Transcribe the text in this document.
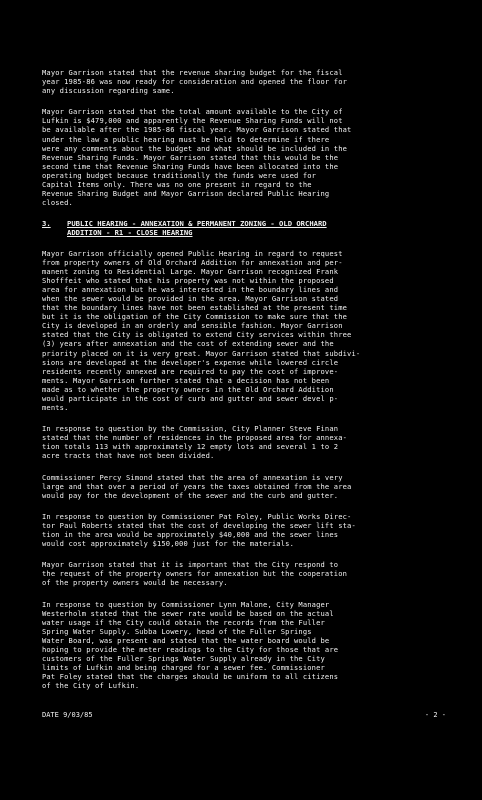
Mayor Garrison stated that the revenue sharing budget for the fiscal
year 1985-86 was now ready for consideration and opened the floor for
any discussion regarding same.
Mayor Garrison stated that the total amount available to the City of
Lufkin is $479,000 and apparently the Revenue Sharing Funds will not
be available after the 1985-86 fiscal year. Mayor Garrison stated that
under the law a public hearing must be held to determine if there
were any comments about the budget and what should be included in the
Revenue Sharing Funds. Mayor Garrison stated that this would be the
second time that Revenue Sharing Funds have been allocated into the
operating budget because traditionally the funds were used for
Capital Items only. There was no one present in regard to the
Revenue Sharing Budget and Mayor Garrison declared Public Hearing
closed.
3.	PUBLIC HEARING - ANNEXATION & PERMANENT ZONING - OLD ORCHARD
ADDITION - R1 - CLOSE HEARING
Mayor Garrison officially opened Public Hearing in regard to request
from property owners of Old Orchard Addition for annexation and per-
manent zoning to Residential Large. Mayor Garrison recognized Frank
Shofffeit who stated that his property was not within the proposed
area for annexation but he was interested in the boundary lines and
when the sewer would be provided in the area. Mayor Garrison stated
that the boundary lines have not been established at the present time
but it is the obligation of the City Commission to make sure that the
City is developed in an orderly and sensible fashion. Mayor Garrison
stated that the City is obligated to extend City services within three
(3) years after annexation and the cost of extending sewer and the
priority placed on it is very great. Mayor Garrison stated that subdivi-
sions are developed at the developer's expense while lowered circle
residents recently annexed are required to pay the cost of improve-
ments. Mayor Garrison further stated that a decision has not been
made as to whether the property owners in the Old Orchard Addition
would participate in the cost of curb and gutter and sewer devel p-
ments.
In response to question by the Commission, City Planner Steve Finan
stated that the number of residences in the proposed area for annexa-
tion totals 113 with approximately 12 empty lots and several 1 to 2
acre tracts that have not been divided.
Commissioner Percy Simond stated that the area of annexation is very
large and that over a period of years the taxes obtained from the area
would pay for the development of the sewer and the curb and gutter.
In response to question by Commissioner Pat Foley, Public Works Direc-
tor Paul Roberts stated that the cost of developing the sewer lift sta-
tion in the area would be approximately $40,000 and the sewer lines
would cost approximately $150,000 just for the materials.
Mayor Garrison stated that it is important that the City respond to
the request of the property owners for annexation but the cooperation
of the property owners would be necessary.
In response to question by Commissioner Lynn Malone, City Manager
Westerholm stated that the sewer rate would be based on the actual
water usage if the City could obtain the records from the Fuller
Spring Water Supply. Subba Lowery, head of the Fuller Springs
Water Board, was present and stated that the water board would be
hoping to provide the meter readings to the City for those that are
customers of the Fuller Springs Water Supply already in the City
limits of Lufkin and being charged for a sewer fee. Commissioner
Pat Foley stated that the charges should be uniform to all citizens
of the City of Lufkin.
DATE 9/03/85	- 2 -
